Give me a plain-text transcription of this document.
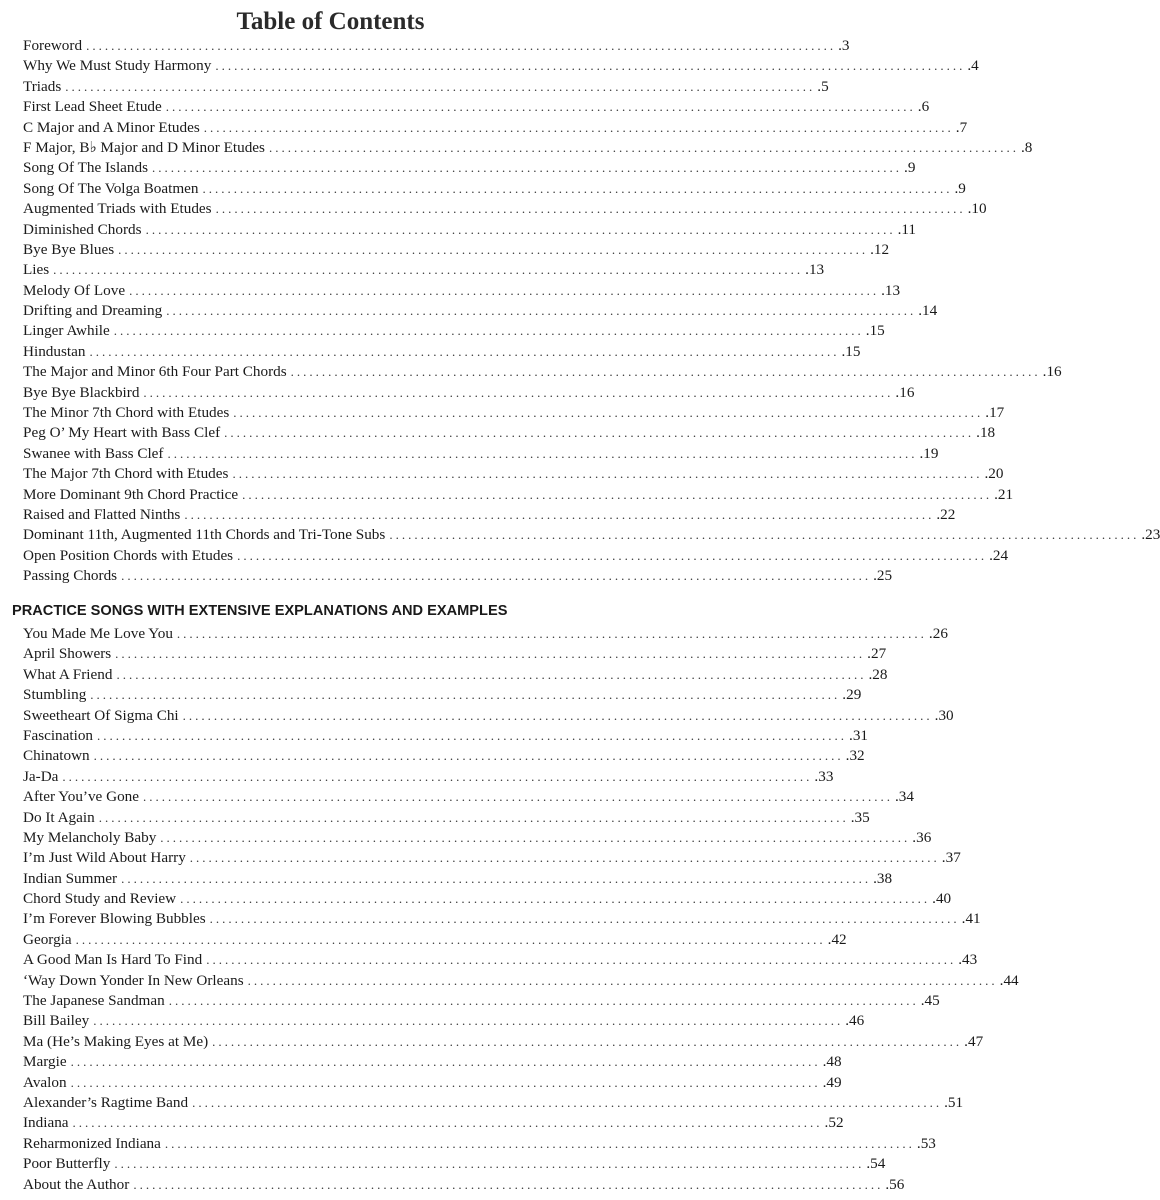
Table of Contents
Foreword ........................................................................................................................ .3
Why We Must Study Harmony ........................................................................................................................ .4
Triads ........................................................................................................................ .5
First Lead Sheet Etude ........................................................................................................................ .6
C Major and A Minor Etudes ........................................................................................................................ .7
F Major, B♭ Major and D Minor Etudes ........................................................................................................................ .8
Song Of The Islands ........................................................................................................................ .9
Song Of The Volga Boatmen ........................................................................................................................ .9
Augmented Triads with Etudes ........................................................................................................................ .10
Diminished Chords ........................................................................................................................ .11
Bye Bye Blues ........................................................................................................................ .12
Lies ........................................................................................................................ .13
Melody Of Love ........................................................................................................................ .13
Drifting and Dreaming ........................................................................................................................ .14
Linger Awhile ........................................................................................................................ .15
Hindustan ........................................................................................................................ .15
The Major and Minor 6th Four Part Chords ........................................................................................................................ .16
Bye Bye Blackbird ........................................................................................................................ .16
The Minor 7th Chord with Etudes ........................................................................................................................ .17
Peg O’ My Heart with Bass Clef ........................................................................................................................ .18
Swanee with Bass Clef ........................................................................................................................ .19
The Major 7th Chord with Etudes ........................................................................................................................ .20
More Dominant 9th Chord Practice ........................................................................................................................ .21
Raised and Flatted Ninths ........................................................................................................................ .22
Dominant 11th, Augmented 11th Chords and Tri-Tone Subs ........................................................................................................................ .23
Open Position Chords with Etudes ........................................................................................................................ .24
Passing Chords ........................................................................................................................ .25
PRACTICE SONGS WITH EXTENSIVE EXPLANATIONS AND EXAMPLES
You Made Me Love You ........................................................................................................................ .26
April Showers ........................................................................................................................ .27
What A Friend ........................................................................................................................ .28
Stumbling ........................................................................................................................ .29
Sweetheart Of Sigma Chi ........................................................................................................................ .30
Fascination ........................................................................................................................ .31
Chinatown ........................................................................................................................ .32
Ja-Da ........................................................................................................................ .33
After You’ve Gone ........................................................................................................................ .34
Do It Again ........................................................................................................................ .35
My Melancholy Baby ........................................................................................................................ .36
I’m Just Wild About Harry ........................................................................................................................ .37
Indian Summer ........................................................................................................................ .38
Chord Study and Review ........................................................................................................................ .40
I’m Forever Blowing Bubbles ........................................................................................................................ .41
Georgia ........................................................................................................................ .42
A Good Man Is Hard To Find ........................................................................................................................ .43
‘Way Down Yonder In New Orleans ........................................................................................................................ .44
The Japanese Sandman ........................................................................................................................ .45
Bill Bailey ........................................................................................................................ .46
Ma (He’s Making Eyes at Me) ........................................................................................................................ .47
Margie ........................................................................................................................ .48
Avalon ........................................................................................................................ .49
Alexander’s Ragtime Band ........................................................................................................................ .51
Indiana ........................................................................................................................ .52
Reharmonized Indiana ........................................................................................................................ .53
Poor Butterfly ........................................................................................................................ .54
About the Author ........................................................................................................................ .56
